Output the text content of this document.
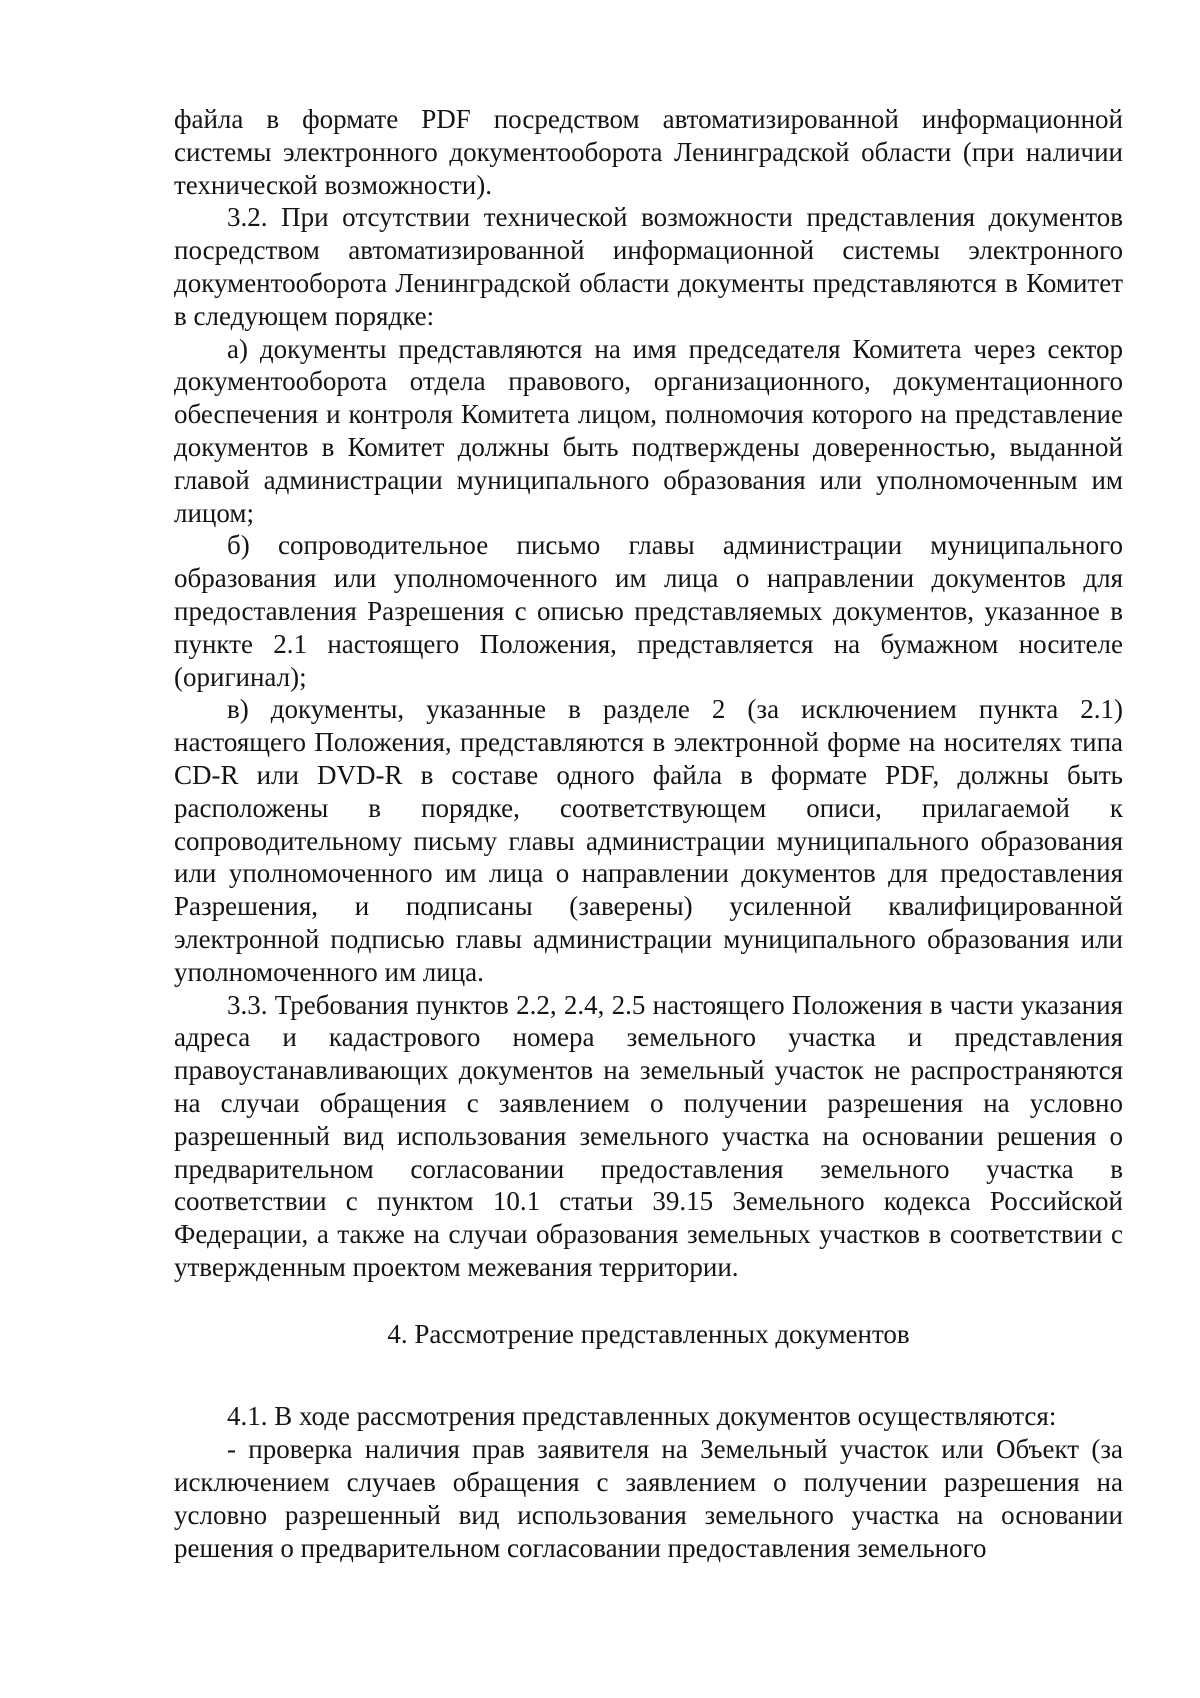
файла в формате PDF посредством автоматизированной информационной системы электронного документооборота Ленинградской области (при наличии технической возможности).

3.2. При отсутствии технической возможности представления документов посредством автоматизированной информационной системы электронного документооборота Ленинградской области документы представляются в Комитет в следующем порядке:

а) документы представляются на имя председателя Комитета через сектор документооборота отдела правового, организационного, документационного обеспечения и контроля Комитета лицом, полномочия которого на представление документов в Комитет должны быть подтверждены доверенностью, выданной главой администрации муниципального образования или уполномоченным им лицом;

б) сопроводительное письмо главы администрации муниципального образования или уполномоченного им лица о направлении документов для предоставления Разрешения с описью представляемых документов, указанное в пункте 2.1 настоящего Положения, представляется на бумажном носителе (оригинал);

в) документы, указанные в разделе 2 (за исключением пункта 2.1) настоящего Положения, представляются в электронной форме на носителях типа CD-R или DVD-R в составе одного файла в формате PDF, должны быть расположены в порядке, соответствующем описи, прилагаемой к сопроводительному письму главы администрации муниципального образования или уполномоченного им лица о направлении документов для предоставления Разрешения, и подписаны (заверены) усиленной квалифицированной электронной подписью главы администрации муниципального образования или уполномоченного им лица.

3.3. Требования пунктов 2.2, 2.4, 2.5 настоящего Положения в части указания адреса и кадастрового номера земельного участка и представления правоустанавливающих документов на земельный участок не распространяются на случаи обращения с заявлением о получении разрешения на условно разрешенный вид использования земельного участка на основании решения о предварительном согласовании предоставления земельного участка в соответствии с пунктом 10.1 статьи 39.15 Земельного кодекса Российской Федерации, а также на случаи образования земельных участков в соответствии с утвержденным проектом межевания территории.

4. Рассмотрение представленных документов

4.1. В ходе рассмотрения представленных документов осуществляются:

- проверка наличия прав заявителя на Земельный участок или Объект (за исключением случаев обращения с заявлением о получении разрешения на условно разрешенный вид использования земельного участка на основании решения о предварительном согласовании предоставления земельного
